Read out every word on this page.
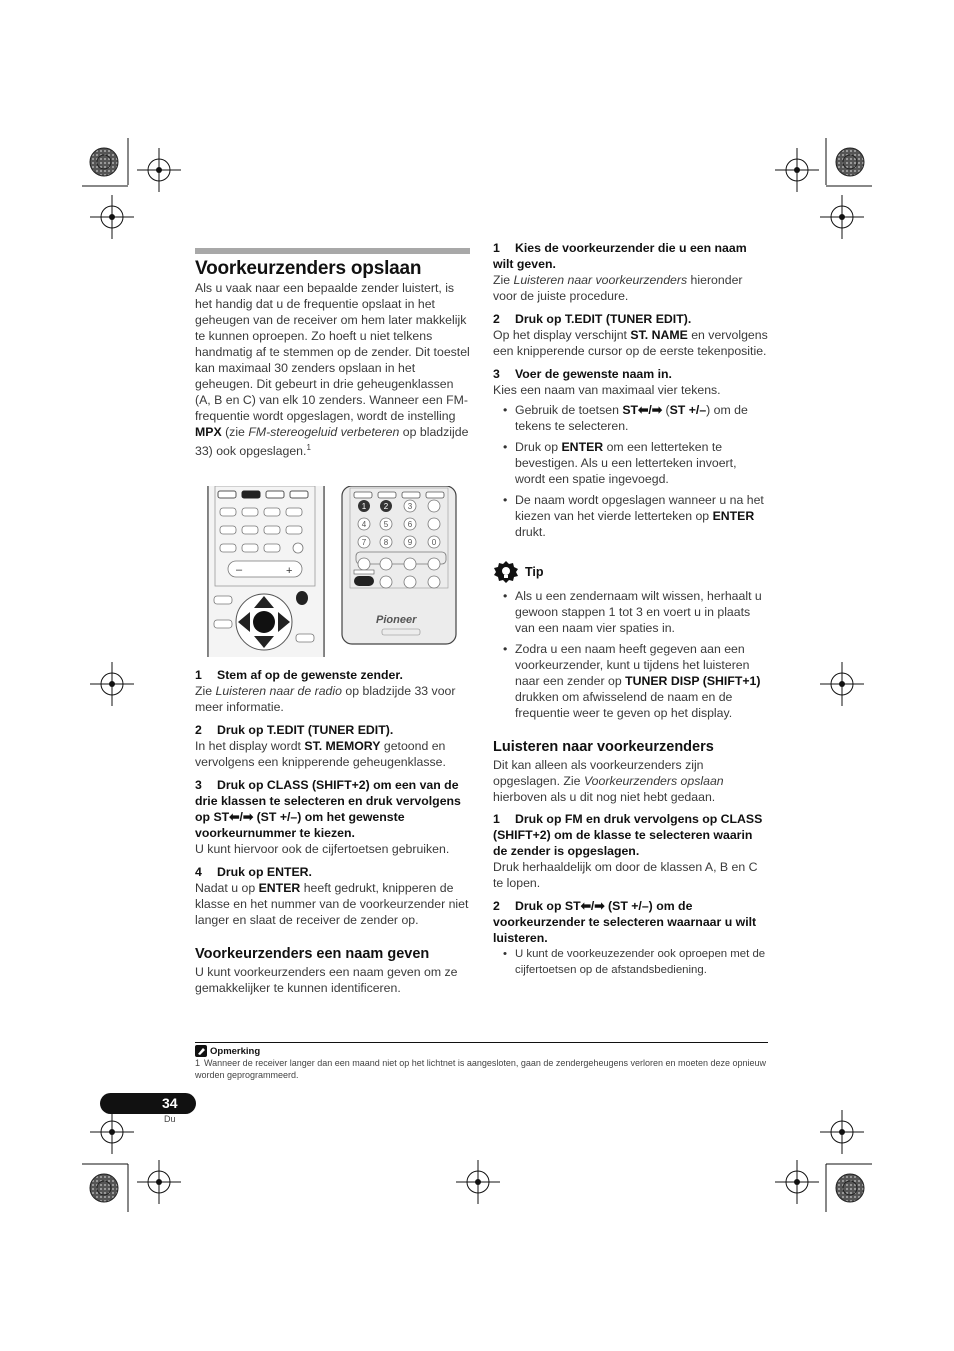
Voorkeurzenders opslaan

Als u vaak naar een bepaalde zender luistert, is het handig dat u de frequentie opslaat in het geheugen van de receiver om hem later makkelijk te kunnen oproepen. Zo hoeft u niet telkens handmatig af te stemmen op de zender. Dit toestel kan maximaal 30 zenders opslaan in het geheugen. Dit gebeurt in drie geheugenklassen (A, B en C) van elk 10 zenders. Wanneer een FM-frequentie wordt opgeslagen, wordt de instelling MPX (zie FM-stereogeluid verbeteren op bladzijde 33) ook opgeslagen.$^1$

–	+
Pioneer
1 2 3
4 5 6
7 8 9 0

1 Stem af op de gewenste zender.

Zie Luisteren naar de radio op bladzijde 33 voor meer informatie.

2 Druk op T.EDIT (TUNER EDIT).

In het display wordt ST. MEMORY getoond en vervolgens een knipperende geheugenklasse.

3 Druk op CLASS (SHIFT+2) om een van de drie klassen te selecteren en druk vervolgens op ST⬅/➡ (ST +/–) om het gewenste voorkeurnummer te kiezen.

U kunt hiervoor ook de cijfertoetsen gebruiken.

4 Druk op ENTER.

Nadat u op ENTER heeft gedrukt, knipperen de klasse en het nummer van de voorkeurzender niet langer en slaat de receiver de zender op.

Voorkeurzenders een naam geven

U kunt voorkeurzenders een naam geven om ze gemakkelijker te kunnen identificeren.

1 Kies de voorkeurzender die u een naam wilt geven.

Zie Luisteren naar voorkeurzenders hieronder voor de juiste procedure.

2 Druk op T.EDIT (TUNER EDIT).

Op het display verschijnt ST. NAME en vervolgens een knipperende cursor op de eerste tekenpositie.

3 Voer de gewenste naam in.

Kies een naam van maximaal vier tekens.

• Gebruik de toetsen ST⬅/➡ (ST +/–) om de tekens te selecteren.
• Druk op ENTER om een letterteken te bevestigen. Als u een letterteken invoert, wordt een spatie ingevoegd.
• De naam wordt opgeslagen wanneer u na het kiezen van het vierde letterteken op ENTER drukt.
Tip
• Als u een zendernaam wilt wissen, herhaalt u gewoon stappen 1 tot 3 en voert u in plaats van een naam vier spaties in.
• Zodra u een naam heeft gegeven aan een voorkeurzender, kunt u tijdens het luisteren naar een zender op TUNER DISP (SHIFT+1) drukken om afwisselend de naam en de frequentie weer te geven op het display.
Luisteren naar voorkeurzenders

Dit kan alleen als voorkeurzenders zijn opgeslagen. Zie Voorkeurzenders opslaan hierboven als u dit nog niet hebt gedaan.

1 Druk op FM en druk vervolgens op CLASS (SHIFT+2) om de klasse te selecteren waarin de zender is opgeslagen.

Druk herhaaldelijk om door de klassen A, B en C te lopen.

2 Druk op ST⬅/➡ (ST +/–) om de voorkeurzender te selecteren waarnaar u wilt luisteren.

• U kunt de voorkeuzezender ook oproepen met de cijfertoetsen op de afstandsbediening.
Opmerking
1 Wanneer de receiver langer dan een maand niet op het lichtnet is aangesloten, gaan de zendergeheugens verloren en moeten deze opnieuw worden geprogrammeerd.
34
Du
